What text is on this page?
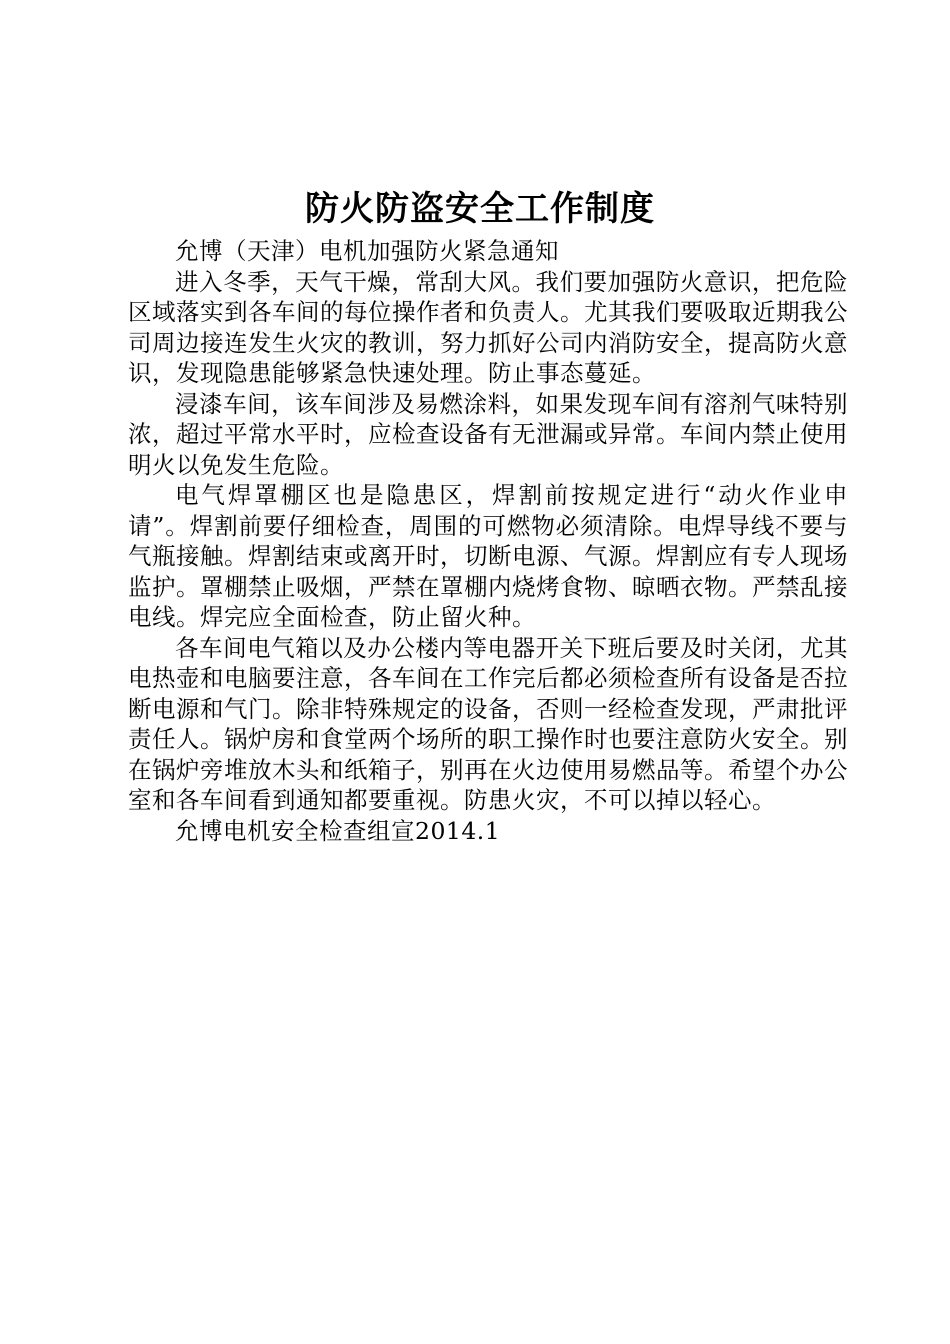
防火防盗安全工作制度

允博（天津）电机加强防火紧急通知

进入冬季，天气干燥，常刮大风。我们要加强防火意识，把危险区域落实到各车间的每位操作者和负责人。尤其我们要吸取近期我公司周边接连发生火灾的教训，努力抓好公司内消防安全，提高防火意识，发现隐患能够紧急快速处理。防止事态蔓延。

浸漆车间，该车间涉及易燃涂料，如果发现车间有溶剂气味特别浓，超过平常水平时，应检查设备有无泄漏或异常。车间内禁止使用明火以免发生危险。

电气焊罩棚区也是隐患区，焊割前按规定进行“动火作业申请”。焊割前要仔细检查，周围的可燃物必须清除。电焊导线不要与气瓶接触。焊割结束或离开时，切断电源、气源。焊割应有专人现场监护。罩棚禁止吸烟，严禁在罩棚内烧烤食物、晾晒衣物。严禁乱接电线。焊完应全面检查，防止留火种。

各车间电气箱以及办公楼内等电器开关下班后要及时关闭，尤其电热壶和电脑要注意，各车间在工作完后都必须检查所有设备是否拉断电源和气门。除非特殊规定的设备，否则一经检查发现，严肃批评责任人。锅炉房和食堂两个场所的职工操作时也要注意防火安全。别在锅炉旁堆放木头和纸箱子，别再在火边使用易燃品等。希望个办公室和各车间看到通知都要重视。防患火灾，不可以掉以轻心。

允博电机安全检查组宣2014.1
